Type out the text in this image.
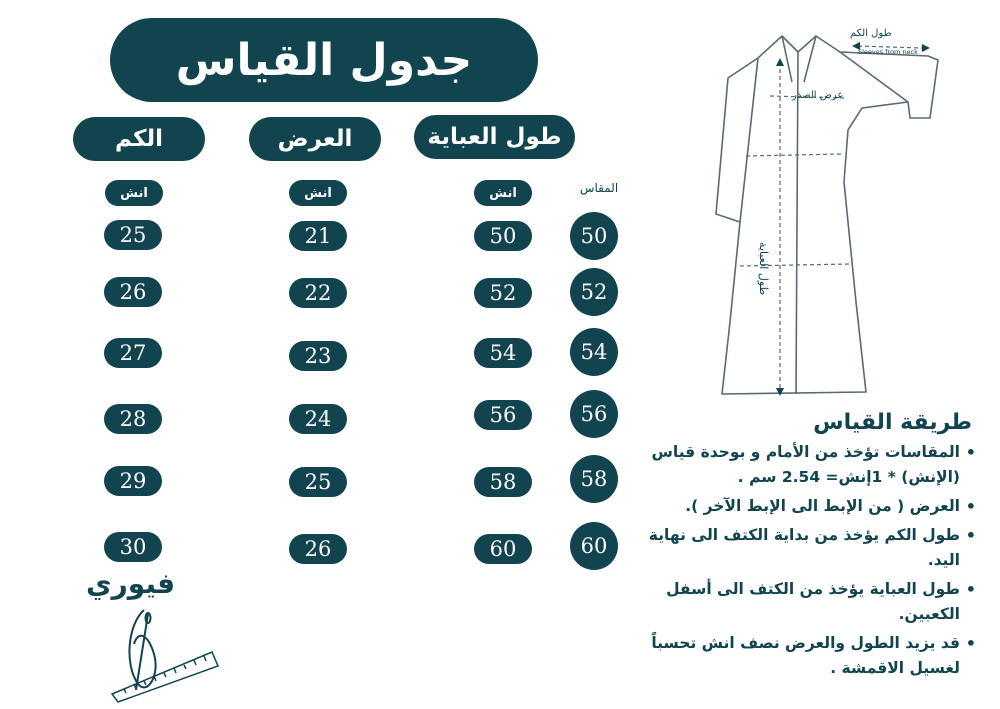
جدول القياس
الكم	العرض	طول العباية
انش	انش	انش	المقاس
25	21	50	50
26	22	52	52
27	23	54	54
28	24	56	56
29	25	58	58
30	26	60	60
طول الكم
Sleeves from neck
عرض الصدر
طول العباية
طريقة القياس
• المقاسات تؤخذ من الأمام و بوحدة قياس (الإنش) * 1إنش= 2.54 سم .
• العرض ( من الإبط الى الإبط الآخر ).
• طول الكم يؤخذ من بداية الكتف الى نهاية اليد.
• طول العباية يؤخذ من الكتف الى أسفل الكعبين.
• قد يزيد الطول والعرض نصف انش تحسباً لغسيل الاقمشة .
فيوري
